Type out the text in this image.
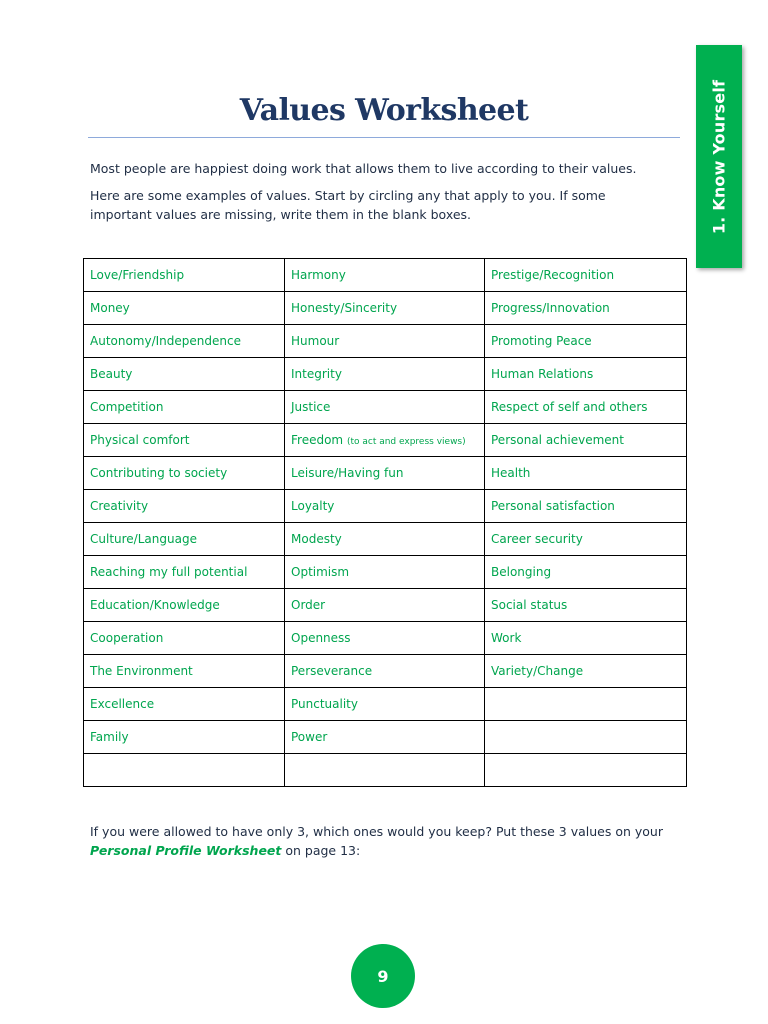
Values Worksheet	1. Know Yourself
Most people are happiest doing work that allows them to live according to their values.
Here are some examples of values. Start by circling any that apply to you. If some important values are missing, write them in the blank boxes.
Love/Friendship	Harmony	Prestige/Recognition
Money	Honesty/Sincerity	Progress/Innovation
Autonomy/Independence	Humour	Promoting Peace
Beauty	Integrity	Human Relations
Competition	Justice	Respect of self and others
Physical comfort	Freedom (to act and express views)	Personal achievement
Contributing to society	Leisure/Having fun	Health
Creativity	Loyalty	Personal satisfaction
Culture/Language	Modesty	Career security
Reaching my full potential	Optimism	Belonging
Education/Knowledge	Order	Social status
Cooperation	Openness	Work
The Environment	Perseverance	Variety/Change
Excellence	Punctuality	
Family	Power	

If you were allowed to have only 3, which ones would you keep? Put these 3 values on your
Personal Profile Worksheet on page 13:
9
